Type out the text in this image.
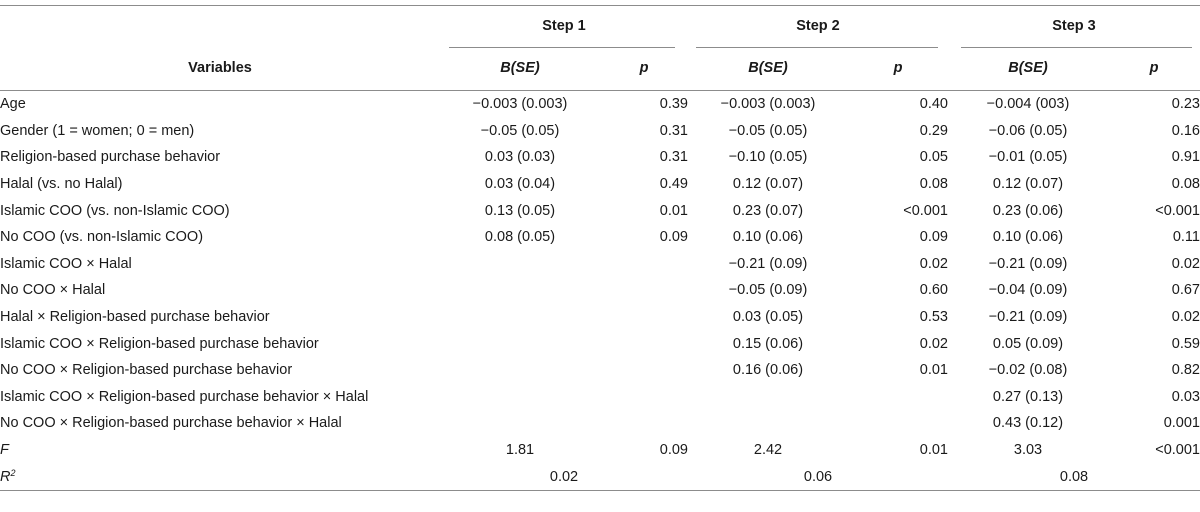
	Step 1		Step 2		Step 3	
Variables	B(SE)	p	B(SE)	p	B(SE)	p

Age	−0.003 (0.003)	0.39	−0.003 (0.003)	0.40	−0.004 (003)	0.23
Gender (1 = women; 0 = men)	−0.05 (0.05)	0.31	−0.05 (0.05)	0.29	−0.06 (0.05)	0.16
Religion-based purchase behavior	0.03 (0.03)	0.31	−0.10 (0.05)	0.05	−0.01 (0.05)	0.91
Halal (vs. no Halal)	0.03 (0.04)	0.49	0.12 (0.07)	0.08	0.12 (0.07)	0.08
Islamic COO (vs. non-Islamic COO)	0.13 (0.05)	0.01	0.23 (0.07)	<0.001	0.23 (0.06)	<0.001
No COO (vs. non-Islamic COO)	0.08 (0.05)	0.09	0.10 (0.06)	0.09	0.10 (0.06)	0.11
Islamic COO × Halal			−0.21 (0.09)	0.02	−0.21 (0.09)	0.02
No COO × Halal			−0.05 (0.09)	0.60	−0.04 (0.09)	0.67
Halal × Religion-based purchase behavior			0.03 (0.05)	0.53	−0.21 (0.09)	0.02
Islamic COO × Religion-based purchase behavior			0.15 (0.06)	0.02	0.05 (0.09)	0.59
No COO × Religion-based purchase behavior			0.16 (0.06)	0.01	−0.02 (0.08)	0.82
Islamic COO × Religion-based purchase behavior × Halal					0.27 (0.13)	0.03
No COO × Religion-based purchase behavior × Halal					0.43 (0.12)	0.001
F	1.81	0.09	2.42	0.01	3.03	<0.001
$R^2$	0.02		0.06		0.08	
